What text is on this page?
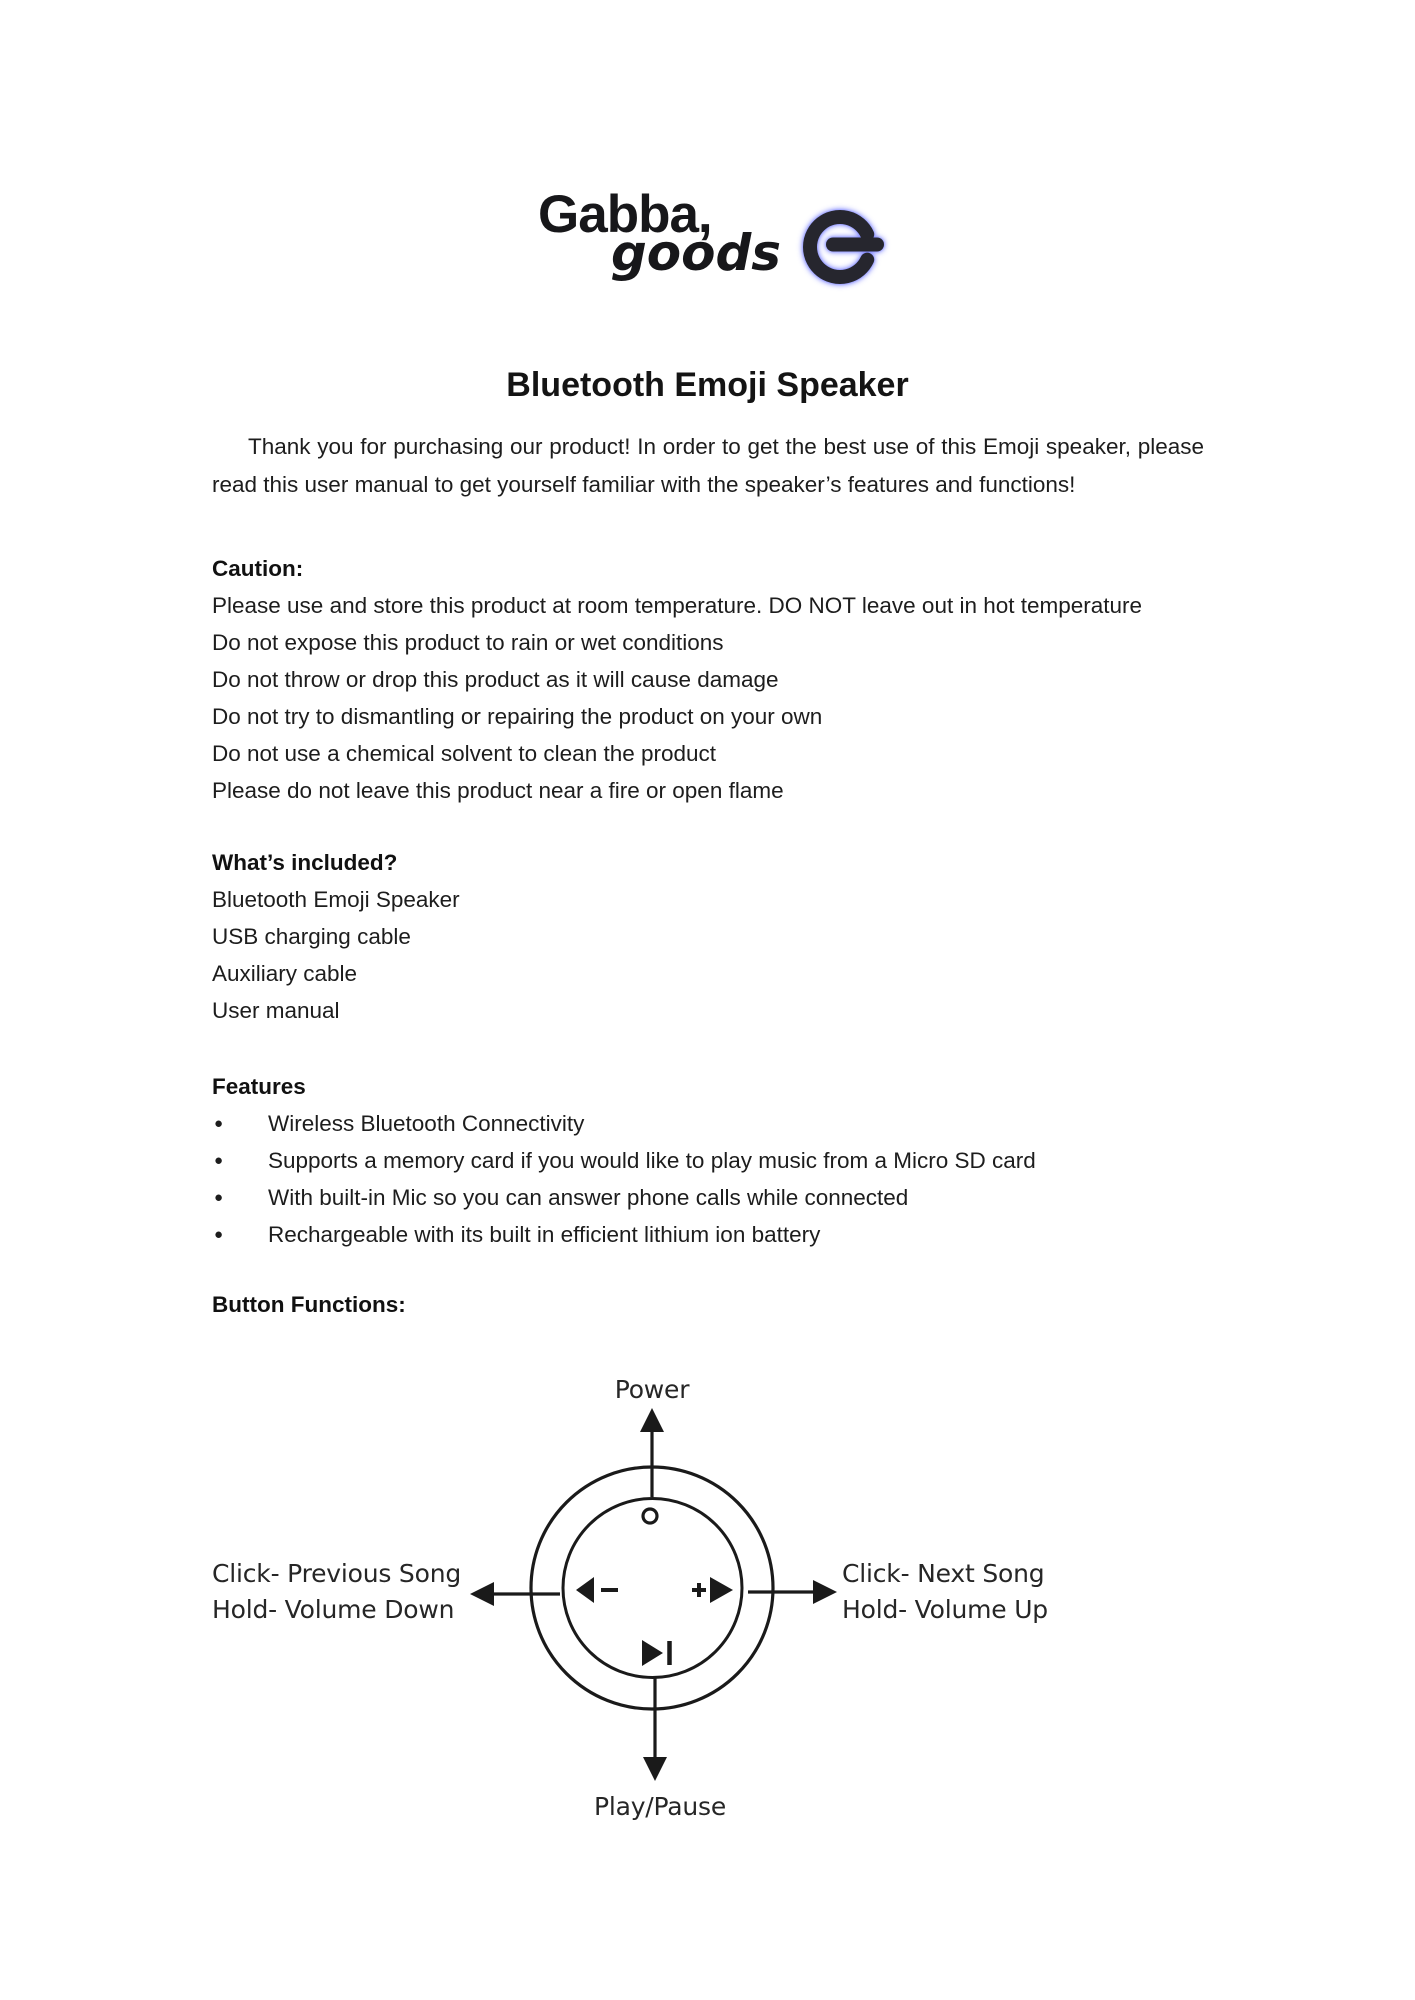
Gabba,
goods
Bluetooth Emoji Speaker

Thank you for purchasing our product! In order to get the best use of this Emoji speaker, please read this user manual to get yourself familiar with the speaker’s features and functions!

Caution:
Please use and store this product at room temperature. DO NOT leave out in hot temperature
Do not expose this product to rain or wet conditions
Do not throw or drop this product as it will cause damage
Do not try to dismantling or repairing the product on your own
Do not use a chemical solvent to clean the product
Please do not leave this product near a fire or open flame
What’s included?
Bluetooth Emoji Speaker
USB charging cable
Auxiliary cable
User manual
Features
●	Wireless Bluetooth Connectivity
●	Supports a memory card if you would like to play music from a Micro SD card
●	With built-in Mic so you can answer phone calls while connected
●	Rechargeable with its built in efficient lithium ion battery
Button Functions:
Power
Click- Previous Song
Hold- Volume Down
Click- Next Song
Hold- Volume Up
Play/Pause
